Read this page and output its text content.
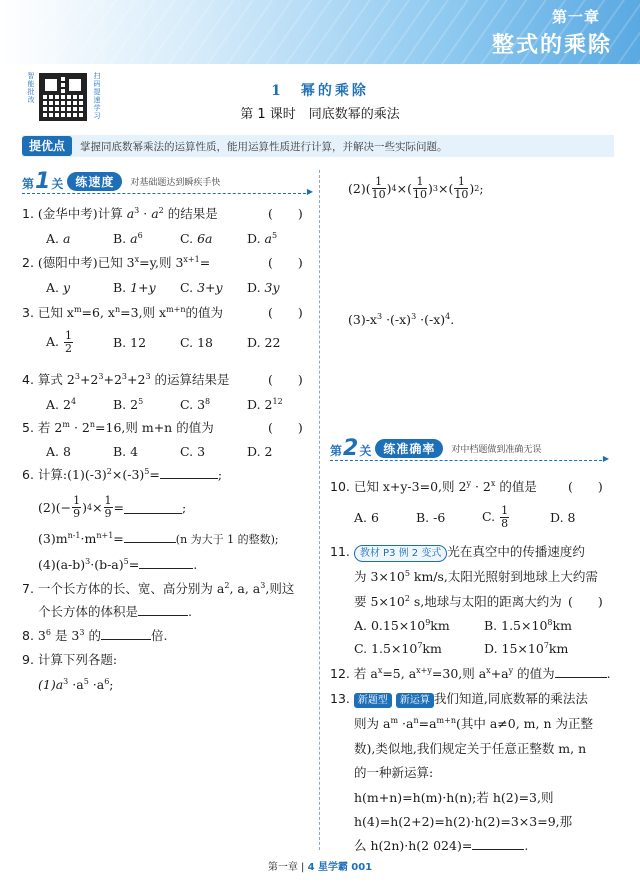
第一章
整式的乘除
智能批改
扫码提速学习
1　幂的乘除
第 1 课时　同底数幂的乘法
提优点	掌握同底数幂乘法的运算性质，能用运算性质进行计算，并解决一些实际问题。
第 1 关	练速度	对基础题达到瞬疾手快
▶
第 2 关	练准确率	对中档题做到准确无误
▶
1. (金华中考)计算 $a^3 \cdot a^2$ 的结果是	(　　)
A. a	B. $a^6$	C. 6a	D. $a^5$
2. (德阳中考)已知 $3^x=y$,则 $3^{x+1}=$	(　　)
A. y	B. 1+y	C. 3+y	D. 3y
3. 已知 $x^m=6$, $x^n=3$,则 $x^{m+n}$的值为	(　　)
A. $\frac{1}{2}$	B. 12	C. 18	D. 22
4. 算式 $2^3+2^3+2^3+2^3$ 的运算结果是	(　　)
A. $2^4$	B. $2^5$	C. $3^8$	D. $2^{12}$
5. 若 $2^m \cdot 2^n=16$,则 m+n 的值为	(　　)
A. 8	B. 4	C. 3	D. 2
6. 计算$:(1)(-3)^2\times(-3)^5=$	;
(2) (− $\frac{1}{9}$ ) $4 \times \frac{1}{9}$ =	;
$(3)m^{n-1}\cdot m^{n+1}=$	(n 为大于 1 的整数);
$(4)(a-b)^3\cdot(b-a)^5=$	.
7. 一个长方体的长、宽、高分别为 $a^2$, a, $a^3$,则这
个长方体的体积是	.
8. $3^6$ 是 $3^3$ 的	倍.
9. 计算下列各题:
$(1)a^3 \cdot a^5 \cdot a^6$;
(2) ( $\frac{1}{10}$ ) 4 × ( $\frac{1}{10}$ ) 3 × ( $\frac{1}{10}$ ) 2 ;
$(3)-x^3 \cdot(-x)^3 \cdot(-x)^4$.
10. 已知 x+y-3=0,则 $2^y \cdot 2^x$ 的值是 (　　)
A. 6	B. -6	C. $\frac{1}{8}$	D. 8
11. 教材 P3 例 2 变式 光在真空中的传播速度约
为 $3\times 10^5$ km/s,太阳光照射到地球上大约需
要 $5\times 10^2$ s,地球与太阳的距离大约为 (　　)
A. $0.15\times 10^9km$	B. $1.5\times 10^8km$
C. $1.5\times 10^7km$	D. $15\times 10^7km$
12. 若 $a^x=5$, $a^{x+y}=30$,则 $a^x+a^y$ 的值为	.
13. 新题型 新运算 我们知道,同底数幂的乘法法
则为 $a^m \cdot a^n=a^{m+n}$(其中 a≠0, m, n 为正整
数),类似地,我们规定关于任意正整数 m, n
的一种新运算:
h(m+n)=h(m)·h(n);若 h(2)=3,则
h(4)=h(2+2)=h(2)·h(2)=3×3=9,那
么 h(2n)·h(2 024)=	.
第一章 | 4 星学霸 001
